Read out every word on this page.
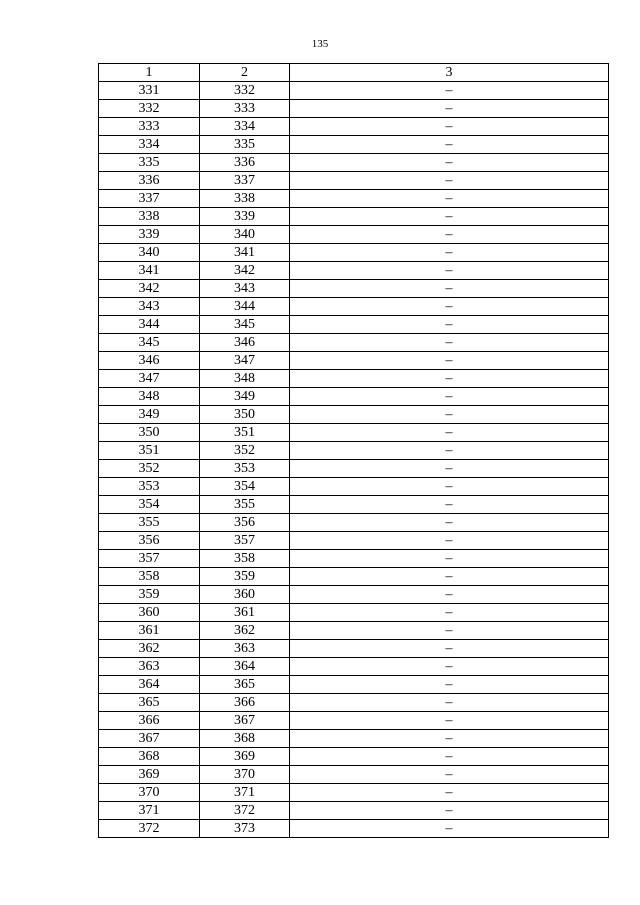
135
1	2	3
331	332	–
332	333	–
333	334	–
334	335	–
335	336	–
336	337	–
337	338	–
338	339	–
339	340	–
340	341	–
341	342	–
342	343	–
343	344	–
344	345	–
345	346	–
346	347	–
347	348	–
348	349	–
349	350	–
350	351	–
351	352	–
352	353	–
353	354	–
354	355	–
355	356	–
356	357	–
357	358	–
358	359	–
359	360	–
360	361	–
361	362	–
362	363	–
363	364	–
364	365	–
365	366	–
366	367	–
367	368	–
368	369	–
369	370	–
370	371	–
371	372	–
372	373	–
